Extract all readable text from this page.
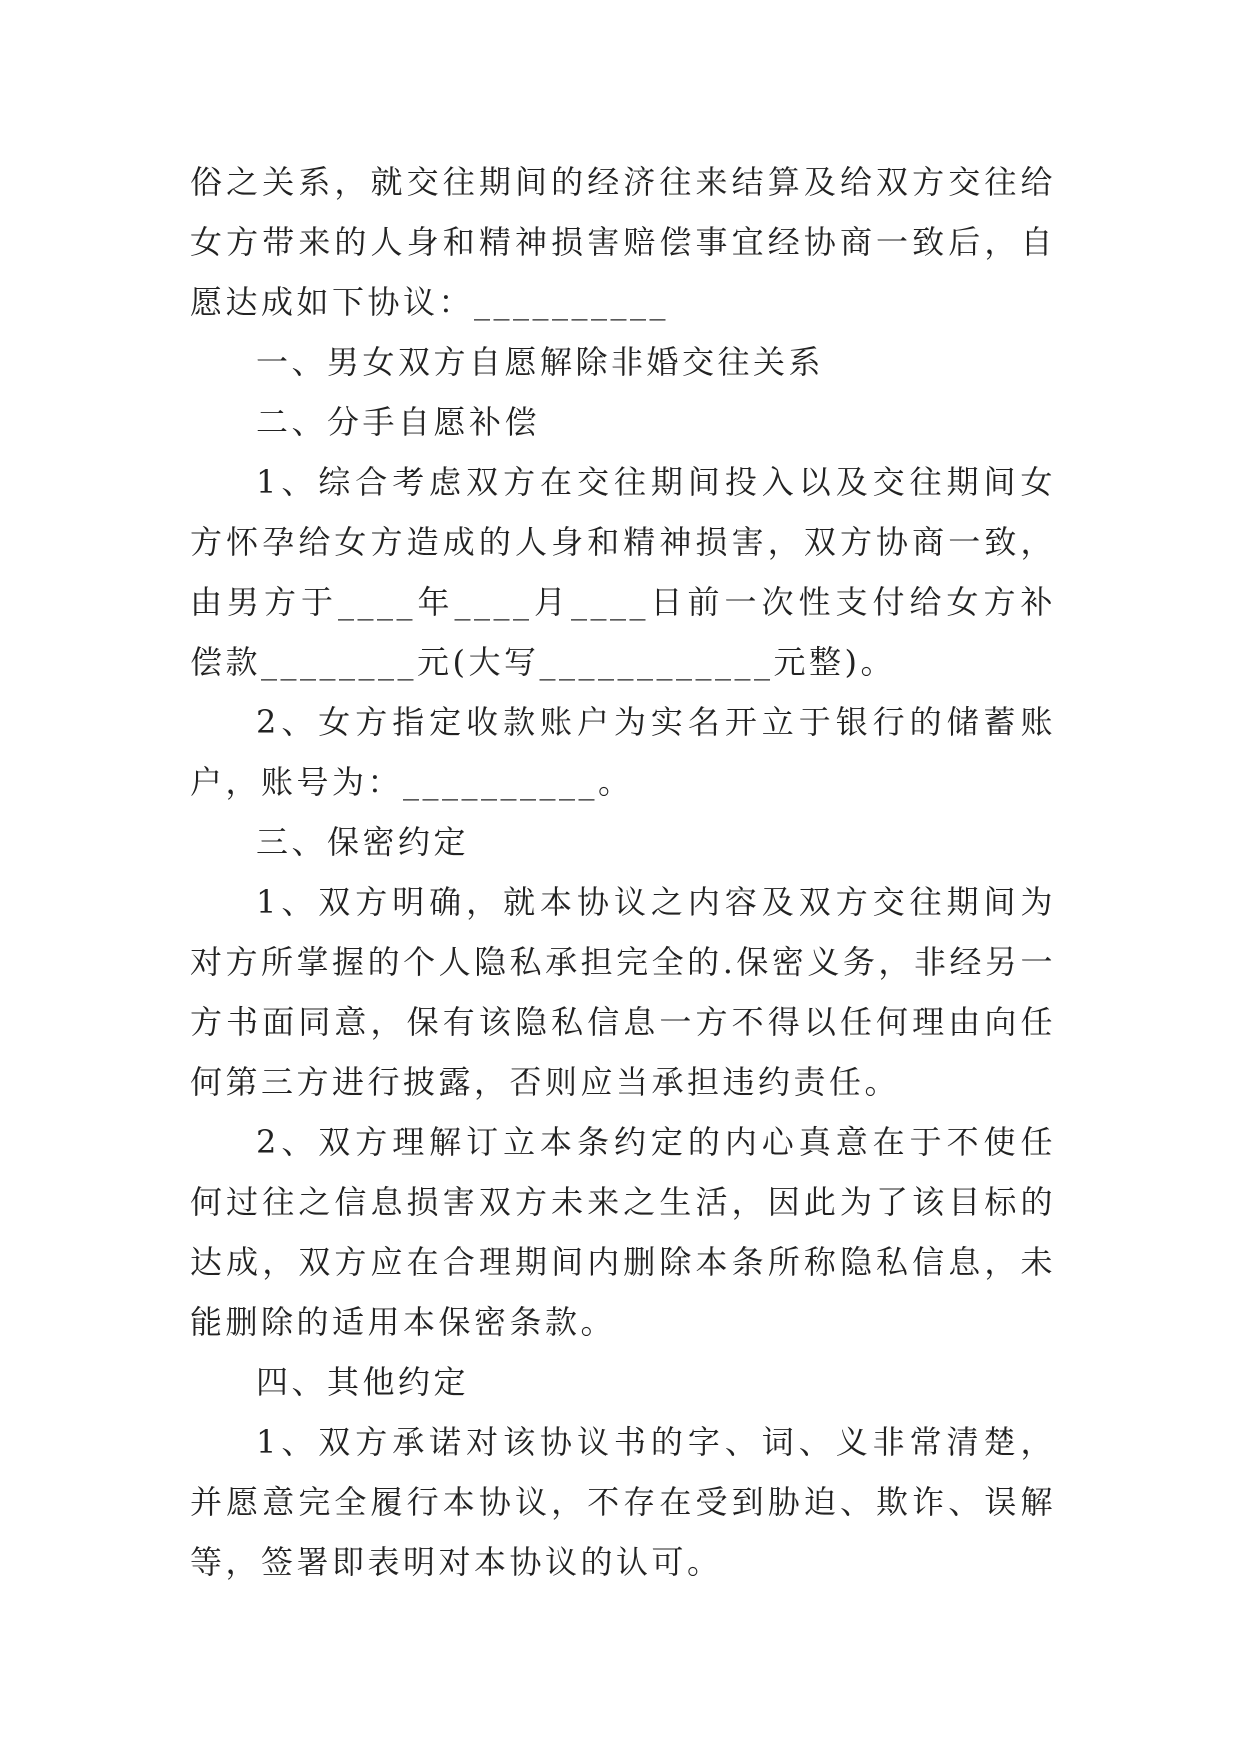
俗之关系，就交往期间的经济往来结算及给双方交往给女方带来的人身和精神损害赔偿事宜经协商一致后，自愿达成如下协议：__________

一、男女双方自愿解除非婚交往关系

二、分手自愿补偿

1、综合考虑双方在交往期间投入以及交往期间女方怀孕给女方造成的人身和精神损害，双方协商一致，由男方于____年____月____日前一次性支付给女方补偿款________元(大写____________元整)。

2、女方指定收款账户为实名开立于银行的储蓄账户，账号为：__________。

三、保密约定

1、双方明确，就本协议之内容及双方交往期间为对方所掌握的个人隐私承担完全的.保密义务，非经另一方书面同意，保有该隐私信息一方不得以任何理由向任何第三方进行披露，否则应当承担违约责任。

2、双方理解订立本条约定的内心真意在于不使任何过往之信息损害双方未来之生活，因此为了该目标的达成，双方应在合理期间内删除本条所称隐私信息，未能删除的适用本保密条款。

四、其他约定

1、双方承诺对该协议书的字、词、义非常清楚，并愿意完全履行本协议，不存在受到胁迫、欺诈、误解等，签署即表明对本协议的认可。
